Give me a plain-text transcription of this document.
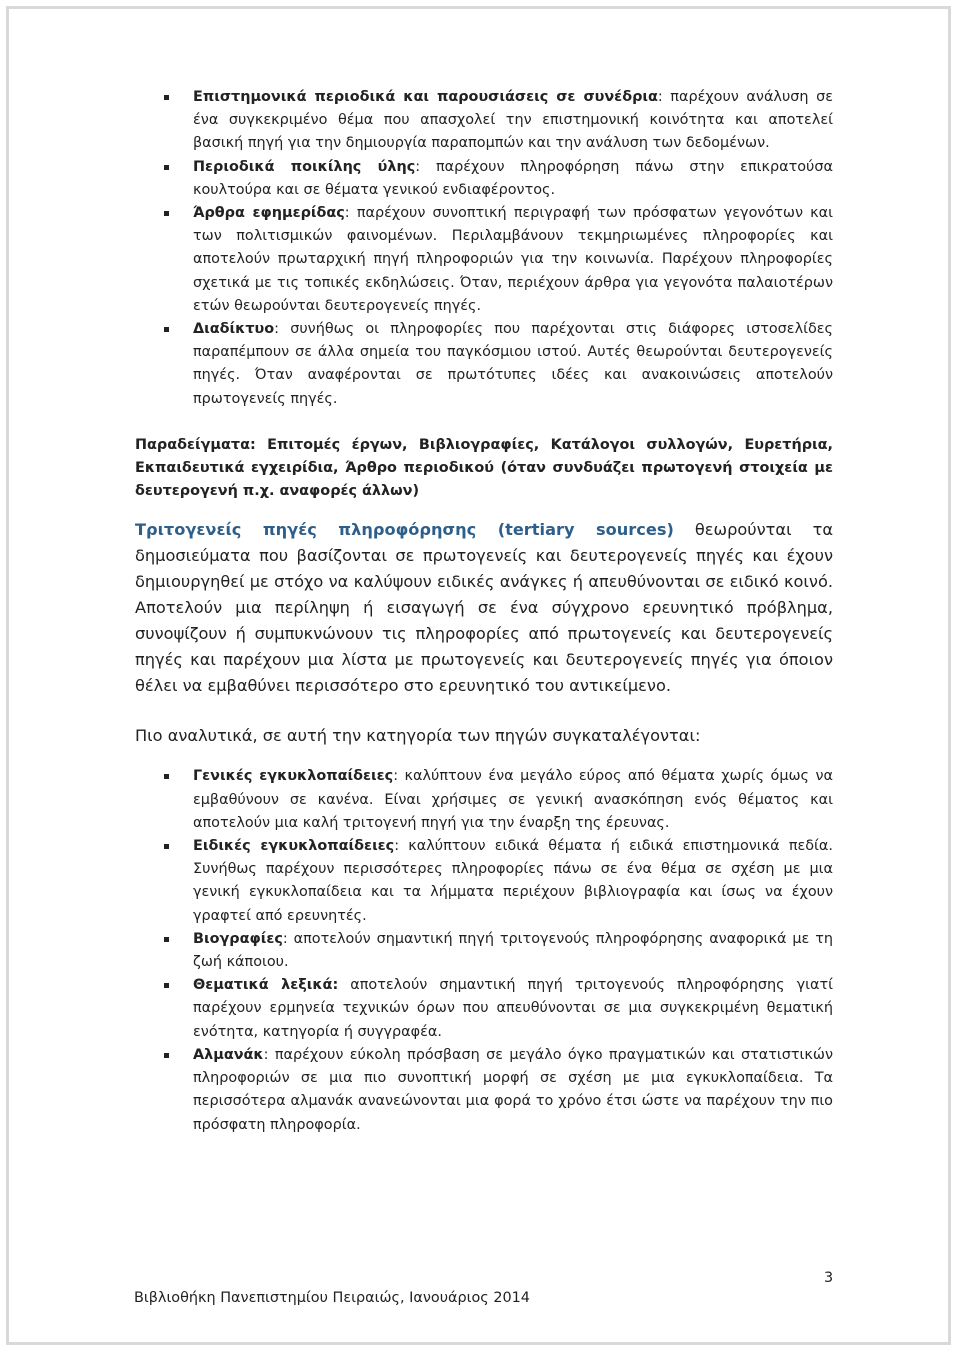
Επιστημονικά περιοδικά και παρουσιάσεις σε συνέδρια: παρέχουν ανάλυση σε ένα συγκεκριμένο θέμα που απασχολεί την επιστημονική κοινότητα και αποτελεί βασική πηγή για την δημιουργία παραπομπών και την ανάλυση των δεδομένων.
Περιοδικά ποικίλης ύλης: παρέχουν πληροφόρηση πάνω στην επικρατούσα κουλτούρα και σε θέματα γενικού ενδιαφέροντος.
Άρθρα εφημερίδας: παρέχουν συνοπτική περιγραφή των πρόσφατων γεγονότων και των πολιτισμικών φαινομένων. Περιλαμβάνουν τεκμηριωμένες πληροφορίες και αποτελούν πρωταρχική πηγή πληροφοριών για την κοινωνία. Παρέχουν πληροφορίες σχετικά με τις τοπικές εκδηλώσεις. Όταν, περιέχουν άρθρα για γεγονότα παλαιοτέρων ετών θεωρούνται δευτερογενείς πηγές.
Διαδίκτυο: συνήθως οι πληροφορίες που παρέχονται στις διάφορες ιστοσελίδες παραπέμπουν σε άλλα σημεία του παγκόσμιου ιστού. Αυτές θεωρούνται δευτερογενείς πηγές. Όταν αναφέρονται σε πρωτότυπες ιδέες και ανακοινώσεις αποτελούν πρωτογενείς πηγές.

Παραδείγματα: Επιτομές έργων, Βιβλιογραφίες, Κατάλογοι συλλογών, Ευρετήρια, Εκπαιδευτικά εγχειρίδια, Άρθρο περιοδικού (όταν συνδυάζει πρωτογενή στοιχεία με δευτερογενή π.χ. αναφορές άλλων)

Τριτογενείς πηγές πληροφόρησης (tertiary sources) θεωρούνται τα δημοσιεύματα που βασίζονται σε πρωτογενείς και δευτερογενείς πηγές και έχουν δημιουργηθεί με στόχο να καλύψουν ειδικές ανάγκες ή απευθύνονται σε ειδικό κοινό. Αποτελούν μια περίληψη ή εισαγωγή σε ένα σύγχρονο ερευνητικό πρόβλημα, συνοψίζουν ή συμπυκνώνουν τις πληροφορίες από πρωτογενείς και δευτερογενείς πηγές και παρέχουν μια λίστα με πρωτογενείς και δευτερογενείς πηγές για όποιον θέλει να εμβαθύνει περισσότερο στο ερευνητικό του αντικείμενο.

Πιο αναλυτικά, σε αυτή την κατηγορία των πηγών συγκαταλέγονται:

Γενικές εγκυκλοπαίδειες: καλύπτουν ένα μεγάλο εύρος από θέματα χωρίς όμως να εμβαθύνουν σε κανένα. Είναι χρήσιμες σε γενική ανασκόπηση ενός θέματος και αποτελούν μια καλή τριτογενή πηγή για την έναρξη της έρευνας.
Ειδικές εγκυκλοπαίδειες: καλύπτουν ειδικά θέματα ή ειδικά επιστημονικά πεδία. Συνήθως παρέχουν περισσότερες πληροφορίες πάνω σε ένα θέμα σε σχέση με μια γενική εγκυκλοπαίδεια και τα λήμματα περιέχουν βιβλιογραφία και ίσως να έχουν γραφτεί από ερευνητές.
Βιογραφίες: αποτελούν σημαντική πηγή τριτογενούς πληροφόρησης αναφορικά με τη ζωή κάποιου.
Θεματικά λεξικά: αποτελούν σημαντική πηγή τριτογενούς πληροφόρησης γιατί παρέχουν ερμηνεία τεχνικών όρων που απευθύνονται σε μια συγκεκριμένη θεματική ενότητα, κατηγορία ή συγγραφέα.
Αλμανάκ: παρέχουν εύκολη πρόσβαση σε μεγάλο όγκο πραγματικών και στατιστικών πληροφοριών σε μια πιο συνοπτική μορφή σε σχέση με μια εγκυκλοπαίδεια. Τα περισσότερα αλμανάκ ανανεώνονται μια φορά το χρόνο έτσι ώστε να παρέχουν την πιο πρόσφατη πληροφορία.
3
Βιβλιοθήκη Πανεπιστημίου Πειραιώς, Ιανουάριος 2014
